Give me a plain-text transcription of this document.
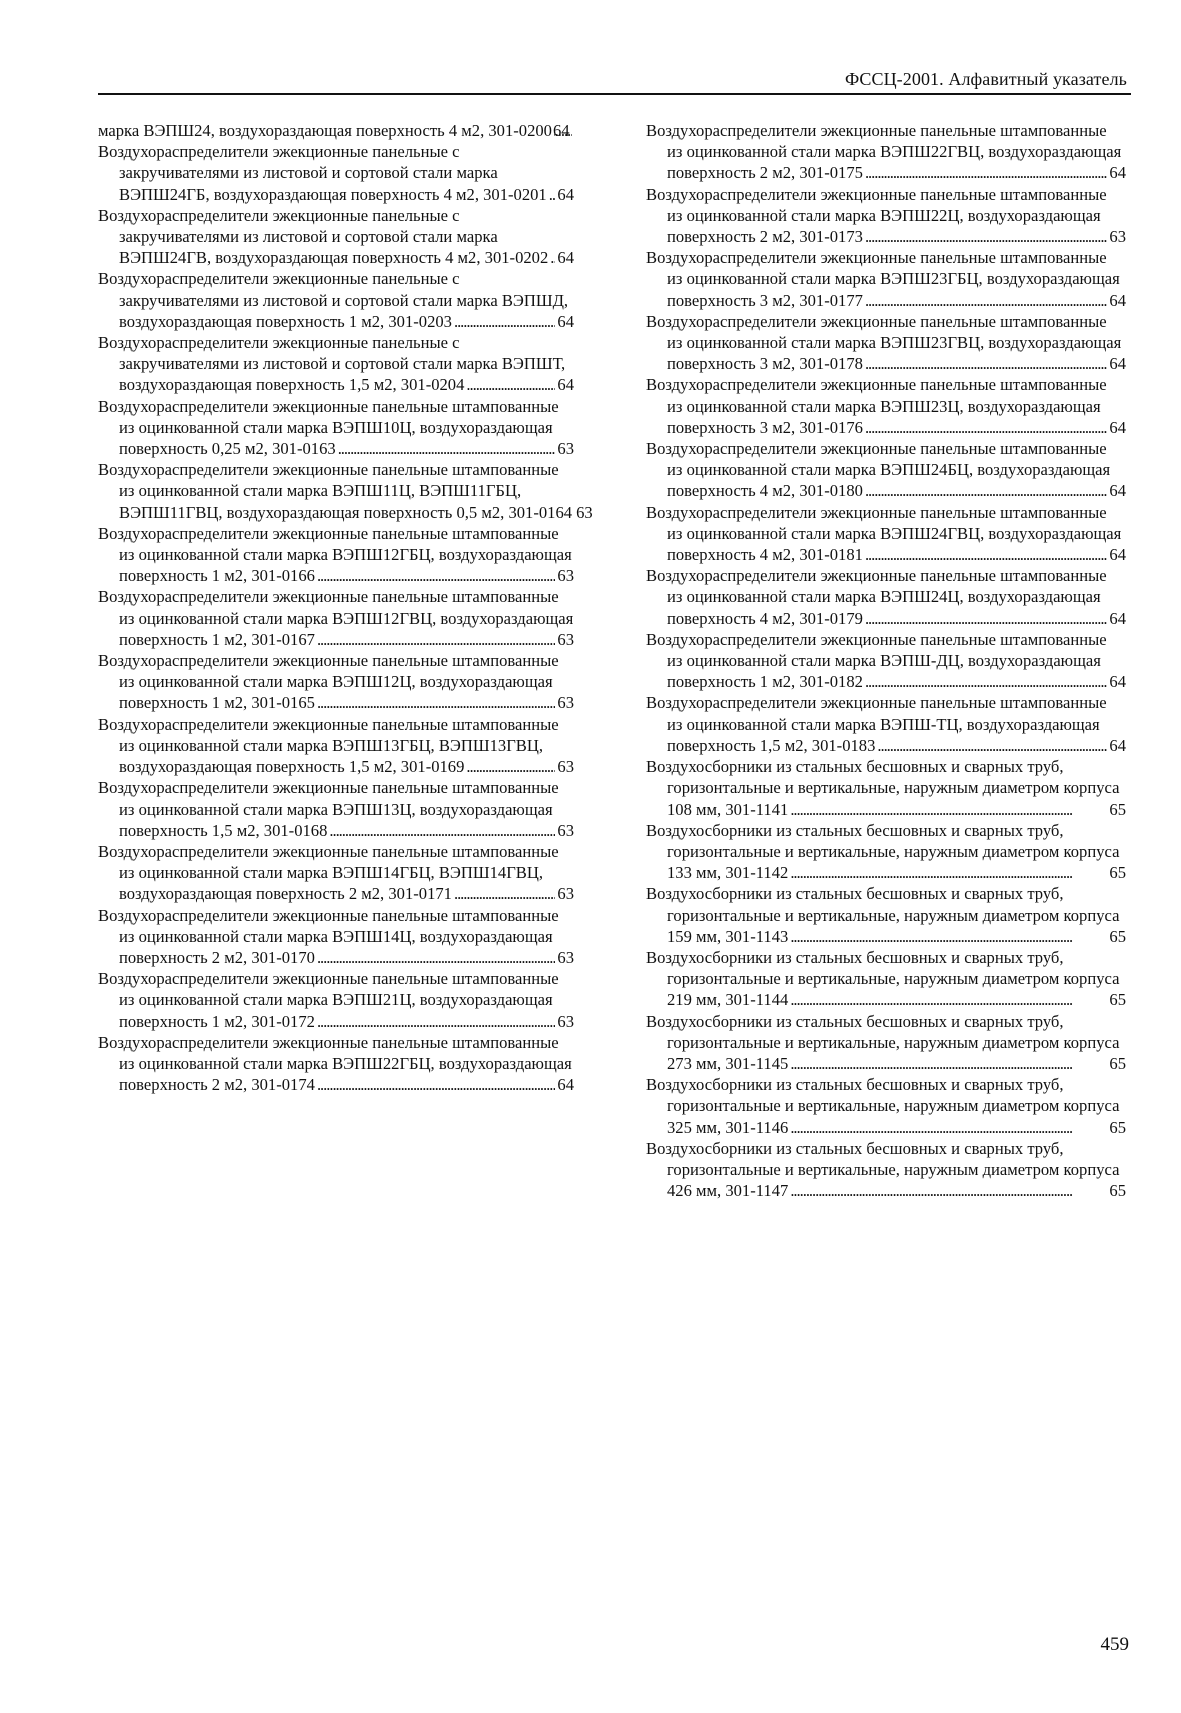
ФССЦ-2001. Алфавитный указатель
марка ВЭПШ24, воздухораздающая поверхность 4 м2, 301-0200 . . . 64
Воздухораспределители эжекционные панельные с закручивателями из листовой и сортовой стали марка
ВЭПШ24ГБ, воздухораздающая поверхность 4 м2, 301-0201 . . . 64
Воздухораспределители эжекционные панельные с закручивателями из листовой и сортовой стали марка
ВЭПШ24ГВ, воздухораздающая поверхность 4 м2, 301-0202 . . . 64
Воздухораспределители эжекционные панельные с закручивателями из листовой и сортовой стали марка ВЭПШД,
воздухораздающая поверхность 1 м2, 301-0203 . . .	64
Воздухораспределители эжекционные панельные с закручивателями из листовой и сортовой стали марка ВЭПШТ,
воздухораздающая поверхность 1,5 м2, 301-0204 . . .	64
Воздухораспределители эжекционные панельные штампованные из оцинкованной стали марка ВЭПШ10Ц, воздухораздающая
поверхность 0,25 м2, 301-0163 . . .	63
Воздухораспределители эжекционные панельные штампованные из оцинкованной стали марка ВЭПШ11Ц, ВЭПШ11ГБЦ,
ВЭПШ11ГВЦ, воздухораздающая поверхность 0,5 м2, 301-0164 63
Воздухораспределители эжекционные панельные штампованные из оцинкованной стали марка ВЭПШ12ГБЦ, воздухораздающая
поверхность 1 м2, 301-0166 . . .	63
Воздухораспределители эжекционные панельные штампованные из оцинкованной стали марка ВЭПШ12ГВЦ, воздухораздающая
поверхность 1 м2, 301-0167 . . .	63
Воздухораспределители эжекционные панельные штампованные из оцинкованной стали марка ВЭПШ12Ц, воздухораздающая
поверхность 1 м2, 301-0165 . . .	63
Воздухораспределители эжекционные панельные штампованные из оцинкованной стали марка ВЭПШ13ГБЦ, ВЭПШ13ГВЦ,
воздухораздающая поверхность 1,5 м2, 301-0169 . . .	63
Воздухораспределители эжекционные панельные штампованные из оцинкованной стали марка ВЭПШ13Ц, воздухораздающая
поверхность 1,5 м2, 301-0168 . . .	63
Воздухораспределители эжекционные панельные штампованные из оцинкованной стали марка ВЭПШ14ГБЦ, ВЭПШ14ГВЦ,
воздухораздающая поверхность 2 м2, 301-0171 . . .	63
Воздухораспределители эжекционные панельные штампованные из оцинкованной стали марка ВЭПШ14Ц, воздухораздающая
поверхность 2 м2, 301-0170 . . .	63
Воздухораспределители эжекционные панельные штампованные из оцинкованной стали марка ВЭПШ21Ц, воздухораздающая
поверхность 1 м2, 301-0172 . . .	63
Воздухораспределители эжекционные панельные штампованные из оцинкованной стали марка ВЭПШ22ГБЦ, воздухораздающая
поверхность 2 м2, 301-0174 . . .	64
Воздухораспределители эжекционные панельные штампованные из оцинкованной стали марка ВЭПШ22ГВЦ, воздухораздающая
поверхность 2 м2, 301-0175 . . .	64
Воздухораспределители эжекционные панельные штампованные из оцинкованной стали марка ВЭПШ22Ц, воздухораздающая
поверхность 2 м2, 301-0173 . . .	63
Воздухораспределители эжекционные панельные штампованные из оцинкованной стали марка ВЭПШ23ГБЦ, воздухораздающая
поверхность 3 м2, 301-0177 . . .	64
Воздухораспределители эжекционные панельные штампованные из оцинкованной стали марка ВЭПШ23ГВЦ, воздухораздающая
поверхность 3 м2, 301-0178 . . .	64
Воздухораспределители эжекционные панельные штампованные из оцинкованной стали марка ВЭПШ23Ц, воздухораздающая
поверхность 3 м2, 301-0176 . . .	64
Воздухораспределители эжекционные панельные штампованные из оцинкованной стали марка ВЭПШ24БЦ, воздухораздающая
поверхность 4 м2, 301-0180 . . .	64
Воздухораспределители эжекционные панельные штампованные из оцинкованной стали марка ВЭПШ24ГВЦ, воздухораздающая
поверхность 4 м2, 301-0181 . . .	64
Воздухораспределители эжекционные панельные штампованные из оцинкованной стали марка ВЭПШ24Ц, воздухораздающая
поверхность 4 м2, 301-0179 . . .	64
Воздухораспределители эжекционные панельные штампованные из оцинкованной стали марка ВЭПШ-ДЦ, воздухораздающая
поверхность 1 м2, 301-0182 . . .	64
Воздухораспределители эжекционные панельные штампованные из оцинкованной стали марка ВЭПШ-ТЦ, воздухораздающая
поверхность 1,5 м2, 301-0183 . . .	64
Воздухосборники из стальных бесшовных и сварных труб, горизонтальные и вертикальные, наружным диаметром корпуса
108 мм, 301-1141 . . .	65
Воздухосборники из стальных бесшовных и сварных труб, горизонтальные и вертикальные, наружным диаметром корпуса
133 мм, 301-1142 . . .	65
Воздухосборники из стальных бесшовных и сварных труб, горизонтальные и вертикальные, наружным диаметром корпуса
159 мм, 301-1143 . . .	65
Воздухосборники из стальных бесшовных и сварных труб, горизонтальные и вертикальные, наружным диаметром корпуса
219 мм, 301-1144 . . .	65
Воздухосборники из стальных бесшовных и сварных труб, горизонтальные и вертикальные, наружным диаметром корпуса
273 мм, 301-1145 . . .	65
Воздухосборники из стальных бесшовных и сварных труб, горизонтальные и вертикальные, наружным диаметром корпуса
325 мм, 301-1146 . . .	65
Воздухосборники из стальных бесшовных и сварных труб, горизонтальные и вертикальные, наружным диаметром корпуса
426 мм, 301-1147 . . .	65
459
